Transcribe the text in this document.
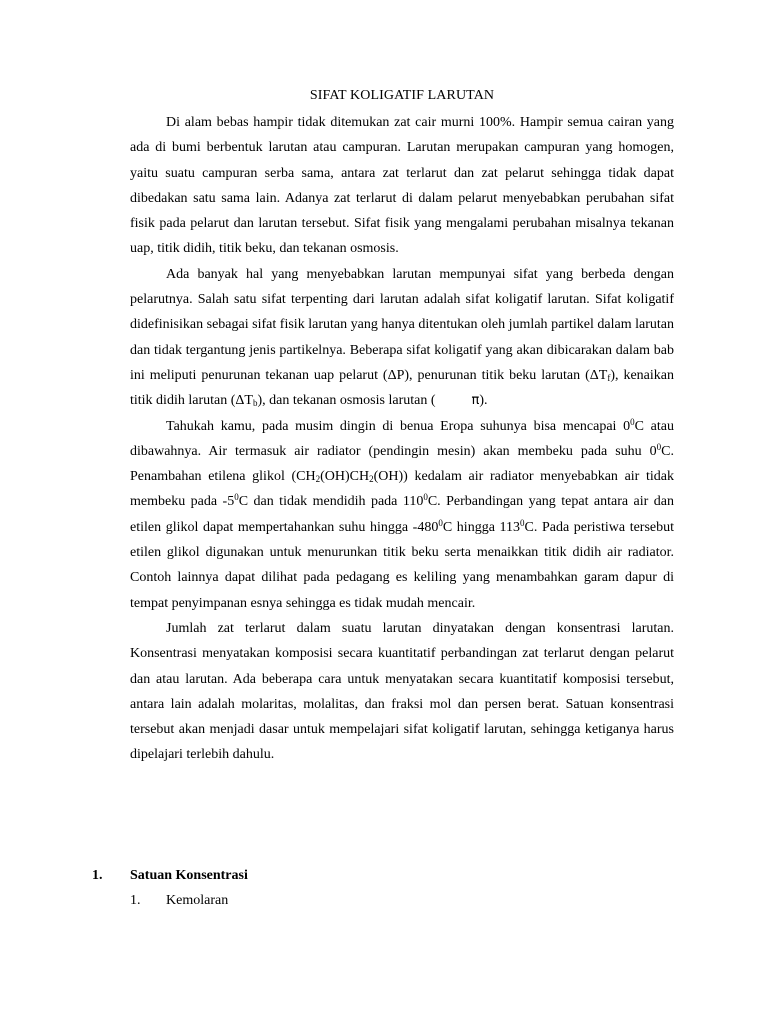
SIFAT KOLIGATIF LARUTAN

Di alam bebas hampir tidak ditemukan zat cair murni 100%. Hampir semua cairan yang ada di bumi berbentuk larutan atau campuran. Larutan merupakan campuran yang homogen, yaitu suatu campuran serba sama, antara zat terlarut dan zat pelarut sehingga tidak dapat dibedakan satu sama lain. Adanya zat terlarut di dalam pelarut menyebabkan perubahan sifat fisik pada pelarut dan larutan tersebut. Sifat fisik yang mengalami perubahan misalnya tekanan uap, titik didih, titik beku, dan tekanan osmosis.

Ada banyak hal yang menyebabkan larutan mempunyai sifat yang berbeda dengan pelarutnya. Salah satu sifat terpenting dari larutan adalah sifat koligatif larutan. Sifat koligatif didefinisikan sebagai sifat fisik larutan yang hanya ditentukan oleh jumlah partikel dalam larutan dan tidak tergantung jenis partikelnya. Beberapa sifat koligatif yang akan dibicarakan dalam bab ini meliputi penurunan tekanan uap pelarut (ΔP), penurunan titik beku larutan $(\Delta T_f)$, kenaikan titik didih larutan $(\Delta T_b)$, dan tekanan osmosis larutan (	π).

Tahukah kamu, pada musim dingin di benua Eropa suhunya bisa mencapai $0^0C$ atau dibawahnya. Air termasuk air radiator (pendingin mesin) akan membeku pada suhu $0^0C$. Penambahan etilena glikol $(CH_2(OH)CH_2(OH))$ kedalam air radiator menyebabkan air tidak membeku pada $-5^0C$ dan tidak mendidih pada $110^0C$. Perbandingan yang tepat antara air dan etilen glikol dapat mempertahankan suhu hingga $-480^0C$ hingga $113^0C$. Pada peristiwa tersebut etilen glikol digunakan untuk menurunkan titik beku serta menaikkan titik didih air radiator. Contoh lainnya dapat dilihat pada pedagang es keliling yang menambahkan garam dapur di tempat penyimpanan esnya sehingga es tidak mudah mencair.

Jumlah zat terlarut dalam suatu larutan dinyatakan dengan konsentrasi larutan. Konsentrasi menyatakan komposisi secara kuantitatif perbandingan zat terlarut dengan pelarut dan atau larutan. Ada beberapa cara untuk menyatakan secara kuantitatif komposisi tersebut, antara lain adalah molaritas, molalitas, dan fraksi mol dan persen berat. Satuan konsentrasi tersebut akan menjadi dasar untuk mempelajari sifat koligatif larutan, sehingga ketiganya harus dipelajari terlebih dahulu.

1. Satuan Konsentrasi
1. Kemolaran
